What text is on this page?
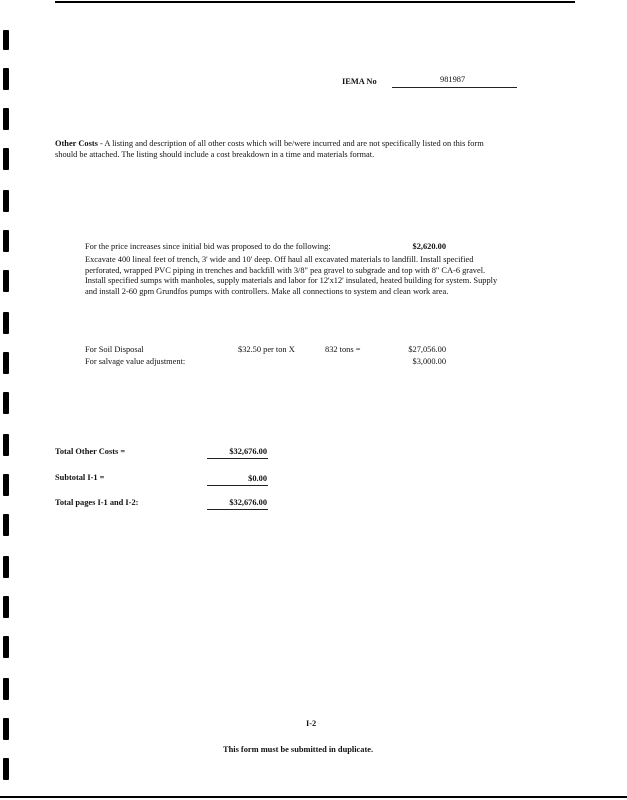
IEMA No	981987
Other Costs - A listing and description of all other costs which will be/were incurred and are not specifically listed on this form should be attached. The listing should include a cost breakdown in a time and materials format.
For the price increases since initial bid was proposed to do the following:	$2,620.00
Excavate 400 lineal feet of trench, 3' wide and 10' deep. Off haul all excavated materials to landfill. Install specified perforated, wrapped PVC piping in trenches and backfill with 3/8" pea gravel to subgrade and top with 8" CA-6 gravel. Install specified sumps with manholes, supply materials and labor for 12'x12' insulated, heated building for system. Supply and install 2-60 gpm Grundfos pumps with controllers. Make all connections to system and clean work area.
For Soil Disposal	$32.50 per ton X	832 tons =	$27,056.00
For salvage value adjustment:	$3,000.00
Total Other Costs =	$32,676.00
Subtotal I-1 =	$0.00
Total pages I-1 and I-2:	$32,676.00
I-2
This form must be submitted in duplicate.
